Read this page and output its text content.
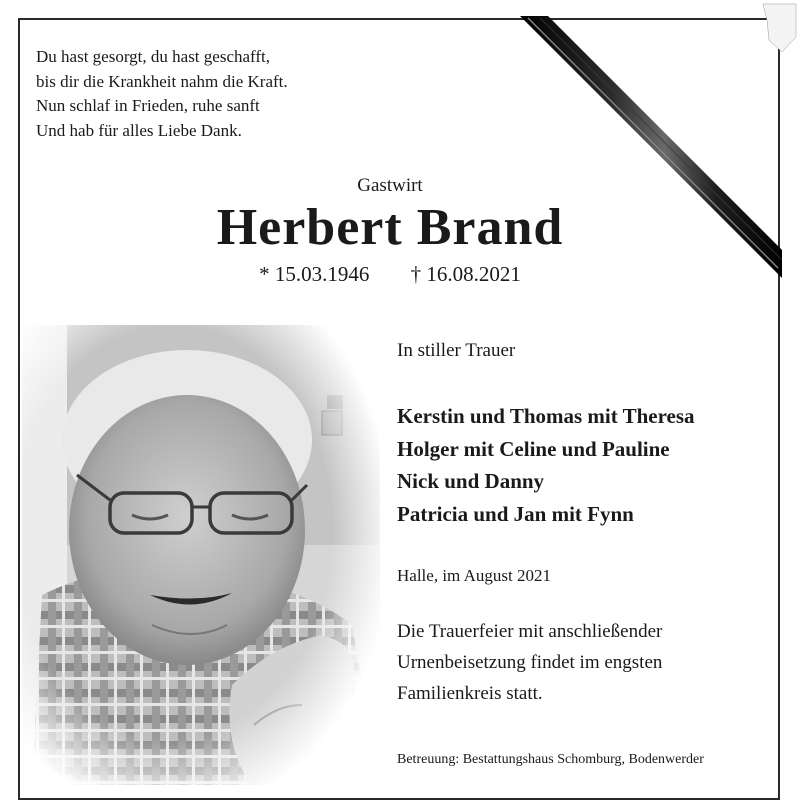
Du hast gesorgt, du hast geschafft,
bis dir die Krankheit nahm die Kraft.
Nun schlaf in Frieden, ruhe sanft
Und hab für alles Liebe Dank.
Gastwirt
Herbert Brand
* 15.03.1946 † 16.08.2021
In stiller Trauer
Kerstin und Thomas mit Theresa
Holger mit Celine und Pauline
Nick und Danny
Patricia und Jan mit Fynn
Halle, im August 2021
Die Trauerfeier mit anschließender
Urnenbeisetzung findet im engsten
Familienkreis statt.
Betreuung: Bestattungshaus Schomburg, Bodenwerder
